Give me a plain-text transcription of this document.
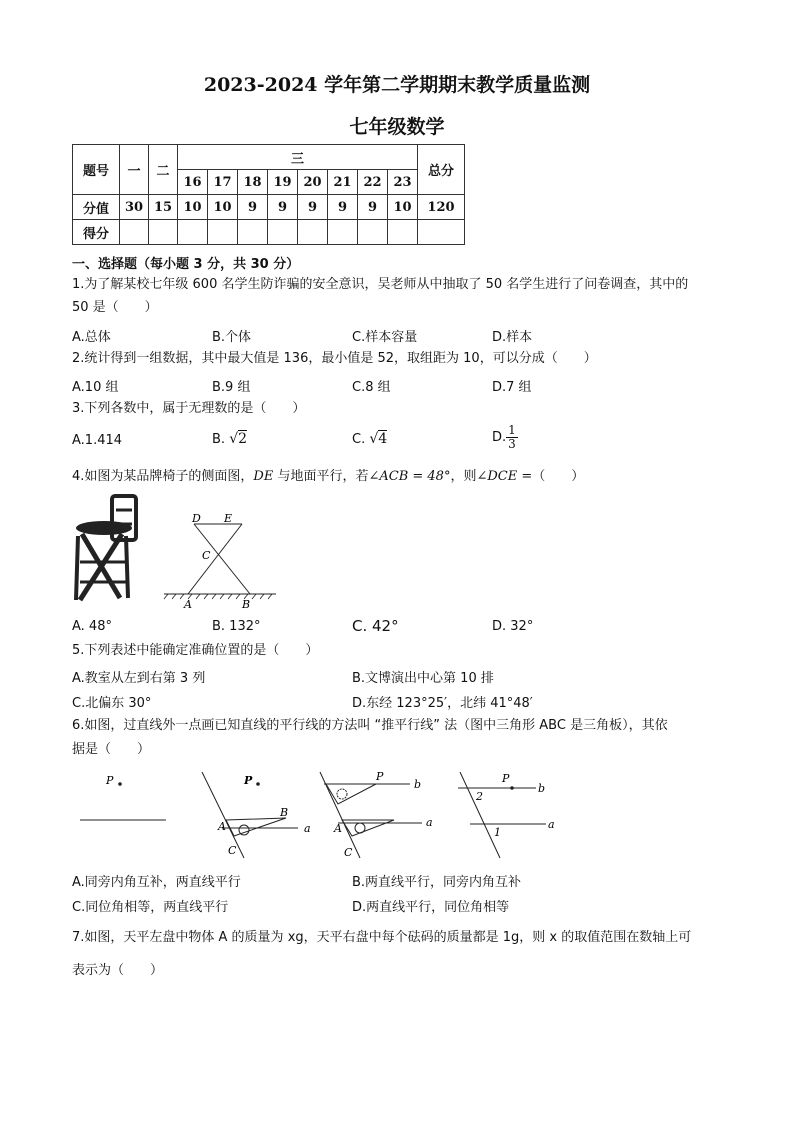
2023-2024 学年第二学期期末教学质量监测
七年级数学
题号	一	二	三								总分
			16	17	18	19	20	21	22	23	
分值	30	15	10	10	9	9	9	9	9	10	120
得分											
一、选择题（每小题 3 分，共 30 分）
1.为了解某校七年级 600 名学生防诈骗的安全意识，吴老师从中抽取了 50 名学生进行了问卷调查，其中的
50 是（　　）
A.总体	B.个体	C.样本容量	D.样本
2.统计得到一组数据，其中最大值是 136，最小值是 52，取组距为 10，可以分成（　　）
A.10 组	B.9 组	C.8 组	D.7 组
3.下列各数中，属于无理数的是（　　）
A.1.414	B. √2	C. √4	D. $\frac{1}{3}$
4.如图为某品牌椅子的侧面图，DE 与地面平行，若∠ACB = 48°，则∠DCE =（　　）
D E
C
A	B
A. 48°	B. 132°	C. 42°	D. 32°
5.下列表述中能确定准确位置的是（　　）
A.教室从左到右第 3 列	B.文博演出中心第 10 排
C.北偏东 30°	D.东经 123°25′，北纬 41°48′
6.如图，过直线外一点画已知直线的平行线的方法叫 “推平行线” 法（图中三角形 ABC 是三角板），其依
据是（　　）
P	P
A
B
C
a
P
b
A
C
a
P
b
2
1
a
A.同旁内角互补，两直线平行	B.两直线平行，同旁内角互补
C.同位角相等，两直线平行	D.两直线平行，同位角相等
7.如图，天平左盘中物体 A 的质量为 xg，天平右盘中每个砝码的质量都是 1g，则 x 的取值范围在数轴上可
表示为（　　）
